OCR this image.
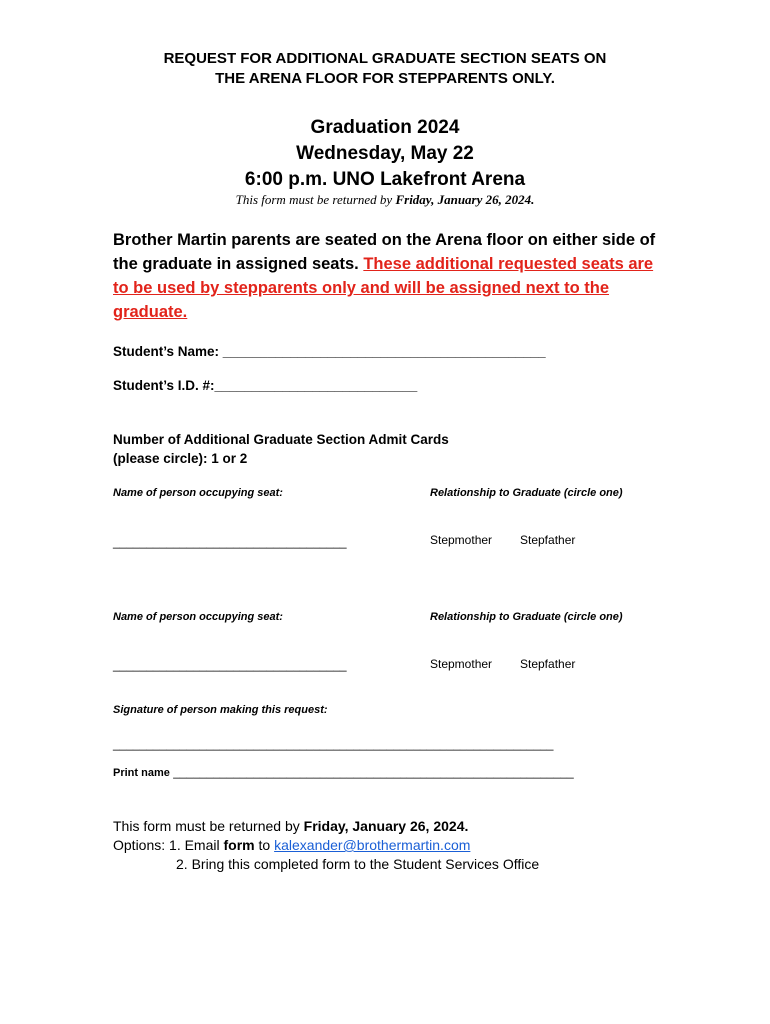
REQUEST FOR ADDITIONAL GRADUATE SECTION SEATS ON
THE ARENA FLOOR FOR STEPPARENTS ONLY.
Graduation 2024
Wednesday, May 22
6:00 p.m. UNO Lakefront Arena
This form must be returned by Friday, January 26, 2024.
Brother Martin parents are seated on the Arena floor on either side of the graduate in assigned seats. These additional requested seats are to be used by stepparents only and will be assigned next to the graduate.
Student’s Name: ___________________________________________
Student’s I.D. #:___________________________
Number of Additional Graduate Section Admit Cards
(please circle): 1 or 2
Name of person occupying seat:	Relationship to Graduate (circle one)
___________________________________	Stepmother Stepfather
Name of person occupying seat:	Relationship to Graduate (circle one)
___________________________________	Stepmother Stepfather
Signature of person making this request:
__________________________________________________________________
Print name ____________________________________________________________
This form must be returned by Friday, January 26, 2024.
Options: 1. Email form to kalexander@brothermartin.com
2. Bring this completed form to the Student Services Office
